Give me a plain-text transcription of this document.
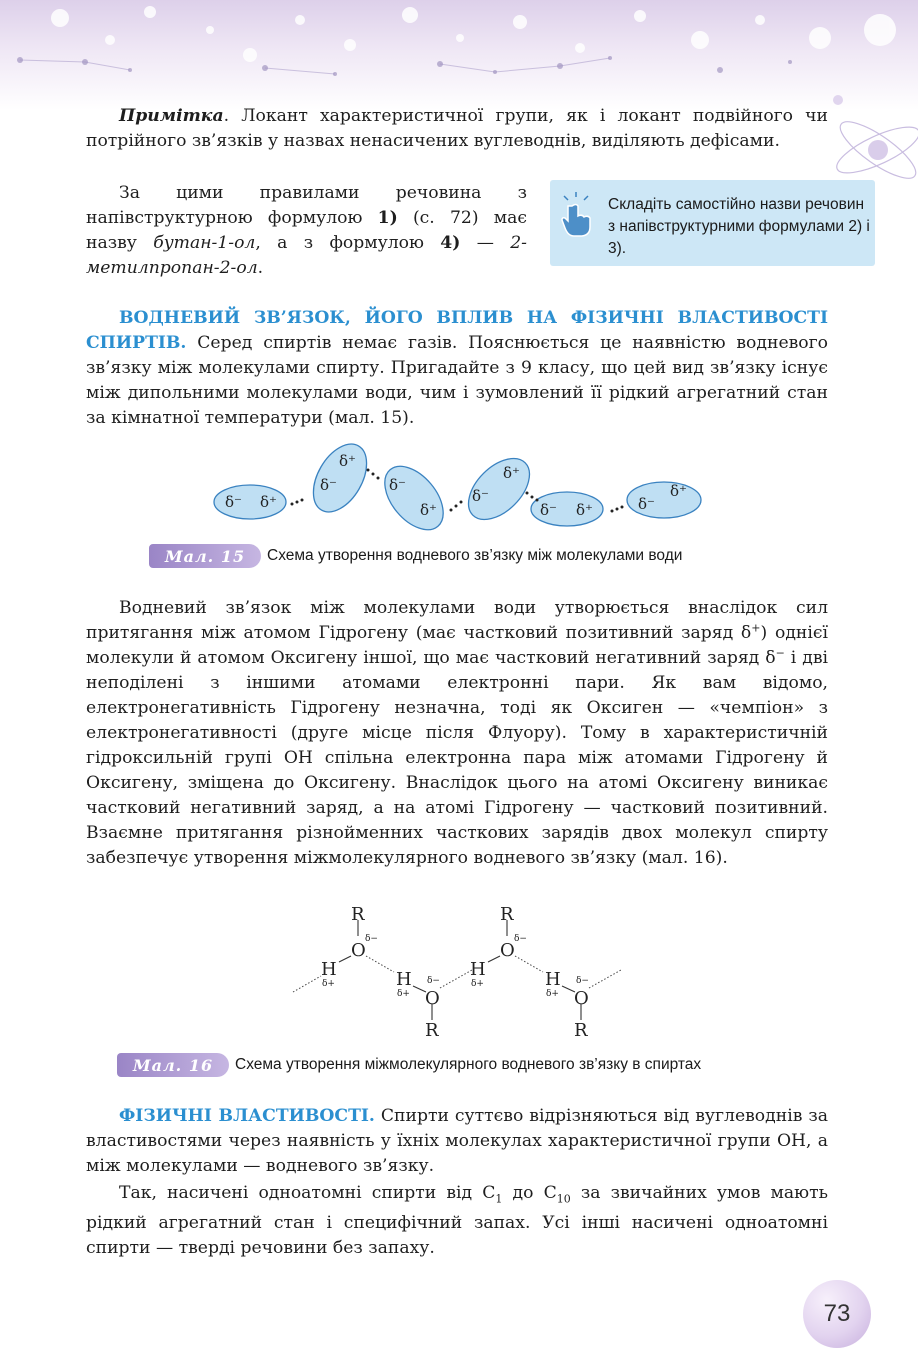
Примітка. Локант характеристичної групи, як і локант подвійного чи потрійного зв’язків у назвах ненасичених вуглеводнів, виділяють дефісами.

За цими правилами речовина з напівструктурною формулою 1) (с. 72) має назву бутан-1-ол, а з формулою 4) — 2-метилпропан-2-ол.

Складіть самостійно назви речовин з напівструктурними формулами 2) і 3).

ВОДНЕВИЙ ЗВ’ЯЗОК, ЙОГО ВПЛИВ НА ФІЗИЧНІ ВЛАСТИВОСТІ СПИРТІВ. Серед спиртів немає газів. Пояснюється це наявністю водневого зв’язку між молекулами спирту. Пригадайте з 9 класу, що цей вид зв’язку існує між дипольними молекулами води, чим і зумовлений її рідкий агрегатний стан за кімнатної температури (мал. 15).

δ⁻ δ⁺
δ⁺
δ⁻	δ⁻
δ⁺
δ⁺
δ⁻
δ⁻ δ⁺	δ⁻
δ⁺
Мал. 15	Схема утворення водневого зв’язку між молекулами води

Водневий зв’язок між молекулами води утворюється внаслідок сил притягання між атомом Гідрогену (має частковий позитивний заряд δ+) однієї молекули й атомом Оксигену іншої, що має частковий негативний заряд δ− і дві неподілені з іншими атомами електронні пари. Як вам відомо, електронегативність Гідрогену незначна, тоді як Оксиген — «чемпіон» з електронегативності (друге місце після Флуору). Тому в характеристичній гідроксильній групі ОН спільна електронна пара між атомами Гідрогену й Оксигену, зміщена до Оксигену. Внаслідок цього на атомі Оксигену виникає частковий негативний заряд, а на атомі Гідрогену — частковий позитивний. Взаємне притягання різнойменних часткових зарядів двох молекул спирту забезпечує утворення міжмолекулярного водневого зв’язку (мал. 16).

R
O
H	H
O
R
R
O
H	H
O
R
δ−
δ+
δ+
δ−
δ−
δ+
δ+
δ−
Мал. 16	Схема утворення міжмолекулярного водневого зв’язку в спиртах

ФІЗИЧНІ ВЛАСТИВОСТІ. Спирти суттєво відрізняються від вуглеводнів за властивостями через наявність у їхніх молекулах характеристичної групи ОН, а між молекулами — водневого зв’язку.

Так, насичені одноатомні спирти від $С_1$ до $С_{10}$ за звичайних умов мають рідкий агрегатний стан і специфічний запах. Усі інші насичені одноатомні спирти — тверді речовини без запаху.

73
